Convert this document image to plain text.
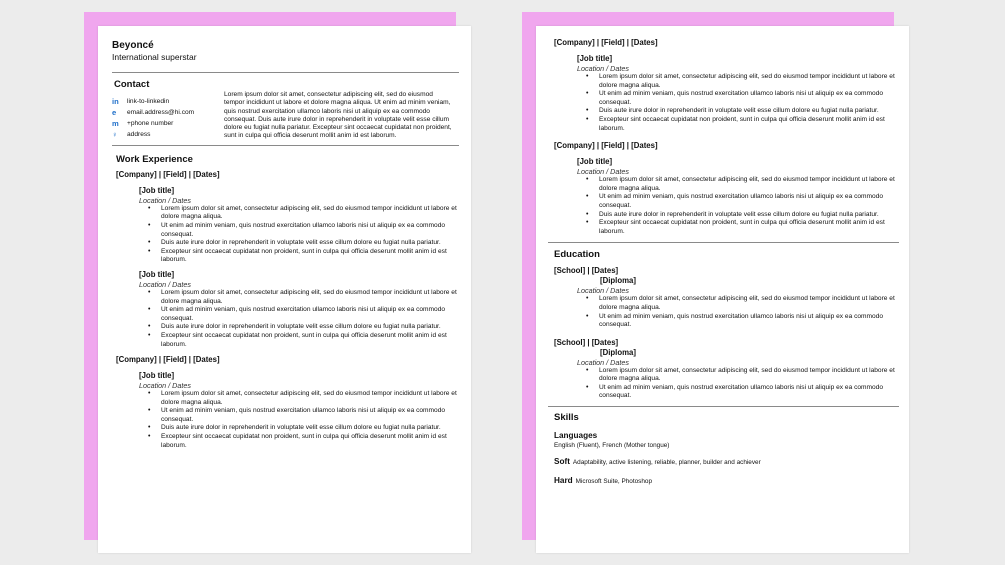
Beyoncé
International superstar
Contact
in	link-to-linkedin
e	email.address@hi.com
m	+phone number
♀	address
Lorem ipsum dolor sit amet, consectetur adipiscing elit, sed do eiusmod tempor incididunt ut labore et dolore magna aliqua. Ut enim ad minim veniam, quis nostrud exercitation ullamco laboris nisi ut aliquip ex ea commodo consequat. Duis aute irure dolor in reprehenderit in voluptate velit esse cillum dolore eu fugiat nulla pariatur. Excepteur sint occaecat cupidatat non proident, sunt in culpa qui officia deserunt mollit anim id est laborum.
Work Experience
[Company] | [Field] | [Dates]
[Job title]
Location / Dates
• Lorem ipsum dolor sit amet, consectetur adipiscing elit, sed do eiusmod tempor incididunt ut labore et dolore magna aliqua.
• Ut enim ad minim veniam, quis nostrud exercitation ullamco laboris nisi ut aliquip ex ea commodo consequat.
• Duis aute irure dolor in reprehenderit in voluptate velit esse cillum dolore eu fugiat nulla pariatur.
• Excepteur sint occaecat cupidatat non proident, sunt in culpa qui officia deserunt mollit anim id est laborum.
[Job title]
Location / Dates
• Lorem ipsum dolor sit amet, consectetur adipiscing elit, sed do eiusmod tempor incididunt ut labore et dolore magna aliqua.
• Ut enim ad minim veniam, quis nostrud exercitation ullamco laboris nisi ut aliquip ex ea commodo consequat.
• Duis aute irure dolor in reprehenderit in voluptate velit esse cillum dolore eu fugiat nulla pariatur.
• Excepteur sint occaecat cupidatat non proident, sunt in culpa qui officia deserunt mollit anim id est laborum.
[Company] | [Field] | [Dates]
[Job title]
Location / Dates
• Lorem ipsum dolor sit amet, consectetur adipiscing elit, sed do eiusmod tempor incididunt ut labore et dolore magna aliqua.
• Ut enim ad minim veniam, quis nostrud exercitation ullamco laboris nisi ut aliquip ex ea commodo consequat.
• Duis aute irure dolor in reprehenderit in voluptate velit esse cillum dolore eu fugiat nulla pariatur.
• Excepteur sint occaecat cupidatat non proident, sunt in culpa qui officia deserunt mollit anim id est laborum.
[Company] | [Field] | [Dates]
[Job title]
Location / Dates
• Lorem ipsum dolor sit amet, consectetur adipiscing elit, sed do eiusmod tempor incididunt ut labore et dolore magna aliqua.
• Ut enim ad minim veniam, quis nostrud exercitation ullamco laboris nisi ut aliquip ex ea commodo consequat.
• Duis aute irure dolor in reprehenderit in voluptate velit esse cillum dolore eu fugiat nulla pariatur.
• Excepteur sint occaecat cupidatat non proident, sunt in culpa qui officia deserunt mollit anim id est laborum.
[Company] | [Field] | [Dates]
[Job title]
Location / Dates
• Lorem ipsum dolor sit amet, consectetur adipiscing elit, sed do eiusmod tempor incididunt ut labore et dolore magna aliqua.
• Ut enim ad minim veniam, quis nostrud exercitation ullamco laboris nisi ut aliquip ex ea commodo consequat.
• Duis aute irure dolor in reprehenderit in voluptate velit esse cillum dolore eu fugiat nulla pariatur.
• Excepteur sint occaecat cupidatat non proident, sunt in culpa qui officia deserunt mollit anim id est laborum.
Education
[School] | [Dates]
[Diploma]
Location / Dates
• Lorem ipsum dolor sit amet, consectetur adipiscing elit, sed do eiusmod tempor incididunt ut labore et dolore magna aliqua.
• Ut enim ad minim veniam, quis nostrud exercitation ullamco laboris nisi ut aliquip ex ea commodo consequat.
[School] | [Dates]
[Diploma]
Location / Dates
• Lorem ipsum dolor sit amet, consectetur adipiscing elit, sed do eiusmod tempor incididunt ut labore et dolore magna aliqua.
• Ut enim ad minim veniam, quis nostrud exercitation ullamco laboris nisi ut aliquip ex ea commodo consequat.
Skills
Languages
English (Fluent), French (Mother tongue)
Soft Adaptability, active listening, reliable, planner, builder and achiever
Hard Microsoft Suite, Photoshop
